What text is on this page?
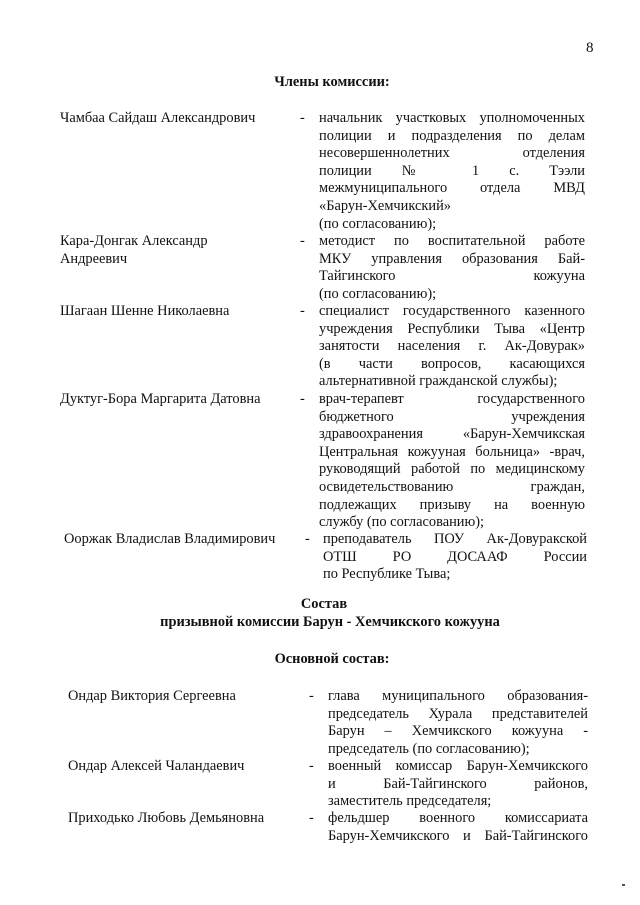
8
Члены комиссии:
Чамбаа Сайдаш Александрович	- начальник участковых уполномоченных
полиции и подразделения по делам
несовершеннолетних отделения
полиции № 1 с. Тээли
межмуниципального отдела МВД
«Барун-Хемчикский»
(по согласованию);
Кара-Донгак Александр Андреевич
- методист по воспитательной работе
МКУ управления образования Бай-
Тайгинского кожууна
(по согласованию);
Шагаан Шенне Николаевна	- специалист государственного казенного
учреждения Республики Тыва «Центр
занятости населения г. Ак-Довурак»
(в части вопросов, касающихся
альтернативной гражданской службы);
Дуктуг-Бора Маргарита Датовна	- врач-терапевт государственного
бюджетного учреждения
здравоохранения «Барун-Хемчикская
Центральная кожууная больница» -врач,
руководящий работой по медицинскому
освидетельствованию граждан,
подлежащих призыву на военную
службу (по согласованию);
Ооржак Владислав Владимирович	- преподаватель ПОУ Ак-Довуракской
ОТШ РО ДОСААФ России
по Республике Тыва;
Состав
призывной комиссии Барун - Хемчикского кожууна
Основной состав:
Ондар Виктория Сергеевна	- глава муниципального образования-
председатель Хурала представителей
Барун – Хемчикского кожууна -
председатель (по согласованию);
Ондар Алексей Чаландаевич	- военный комиссар Барун-Хемчикского
и Бай-Тайгинского районов,
заместитель председателя;
Приходько Любовь Демьяновна	- фельдшер военного комиссариата
Барун-Хемчикского и Бай-Тайгинского
